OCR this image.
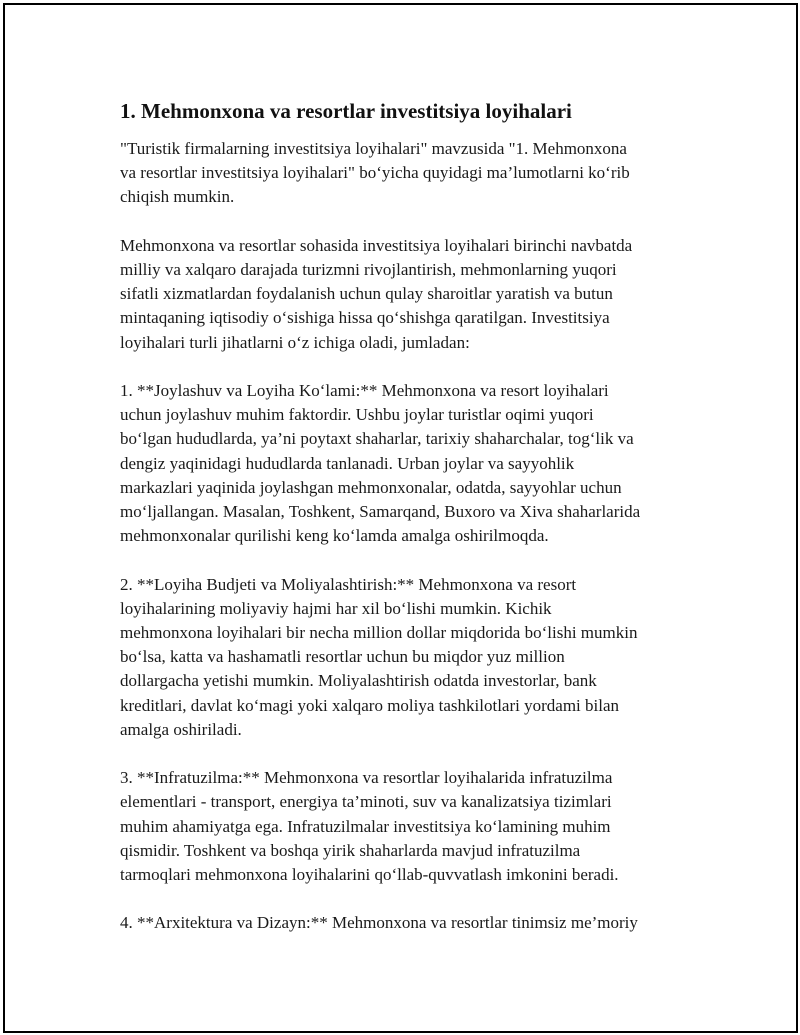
1. Mehmonxona va resortlar investitsiya loyihalari

"Turistik firmalarning investitsiya loyihalari" mavzusida "1. Mehmonxona
va resortlar investitsiya loyihalari" bo‘yicha quyidagi ma’lumotlarni ko‘rib
chiqish mumkin.

Mehmonxona va resortlar sohasida investitsiya loyihalari birinchi navbatda
milliy va xalqaro darajada turizmni rivojlantirish, mehmonlarning yuqori
sifatli xizmatlardan foydalanish uchun qulay sharoitlar yaratish va butun
mintaqaning iqtisodiy o‘sishiga hissa qo‘shishga qaratilgan. Investitsiya
loyihalari turli jihatlarni o‘z ichiga oladi, jumladan:

1. **Joylashuv va Loyiha Ko‘lami:** Mehmonxona va resort loyihalari
uchun joylashuv muhim faktordir. Ushbu joylar turistlar oqimi yuqori
bo‘lgan hududlarda, ya’ni poytaxt shaharlar, tarixiy shaharchalar, tog‘lik va
dengiz yaqinidagi hududlarda tanlanadi. Urban joylar va sayyohlik
markazlari yaqinida joylashgan mehmonxonalar, odatda, sayyohlar uchun
mo‘ljallangan. Masalan, Toshkent, Samarqand, Buxoro va Xiva shaharlarida
mehmonxonalar qurilishi keng ko‘lamda amalga oshirilmoqda.

2. **Loyiha Budjeti va Moliyalashtirish:** Mehmonxona va resort
loyihalarining moliyaviy hajmi har xil bo‘lishi mumkin. Kichik
mehmonxona loyihalari bir necha million dollar miqdorida bo‘lishi mumkin
bo‘lsa, katta va hashamatli resortlar uchun bu miqdor yuz million
dollargacha yetishi mumkin. Moliyalashtirish odatda investorlar, bank
kreditlari, davlat ko‘magi yoki xalqaro moliya tashkilotlari yordami bilan
amalga oshiriladi.

3. **Infratuzilma:** Mehmonxona va resortlar loyihalarida infratuzilma
elementlari - transport, energiya ta’minoti, suv va kanalizatsiya tizimlari
muhim ahamiyatga ega. Infratuzilmalar investitsiya ko‘lamining muhim
qismidir. Toshkent va boshqa yirik shaharlarda mavjud infratuzilma
tarmoqlari mehmonxona loyihalarini qo‘llab-quvvatlash imkonini beradi.

4. **Arxitektura va Dizayn:** Mehmonxona va resortlar tinimsiz me’moriy
